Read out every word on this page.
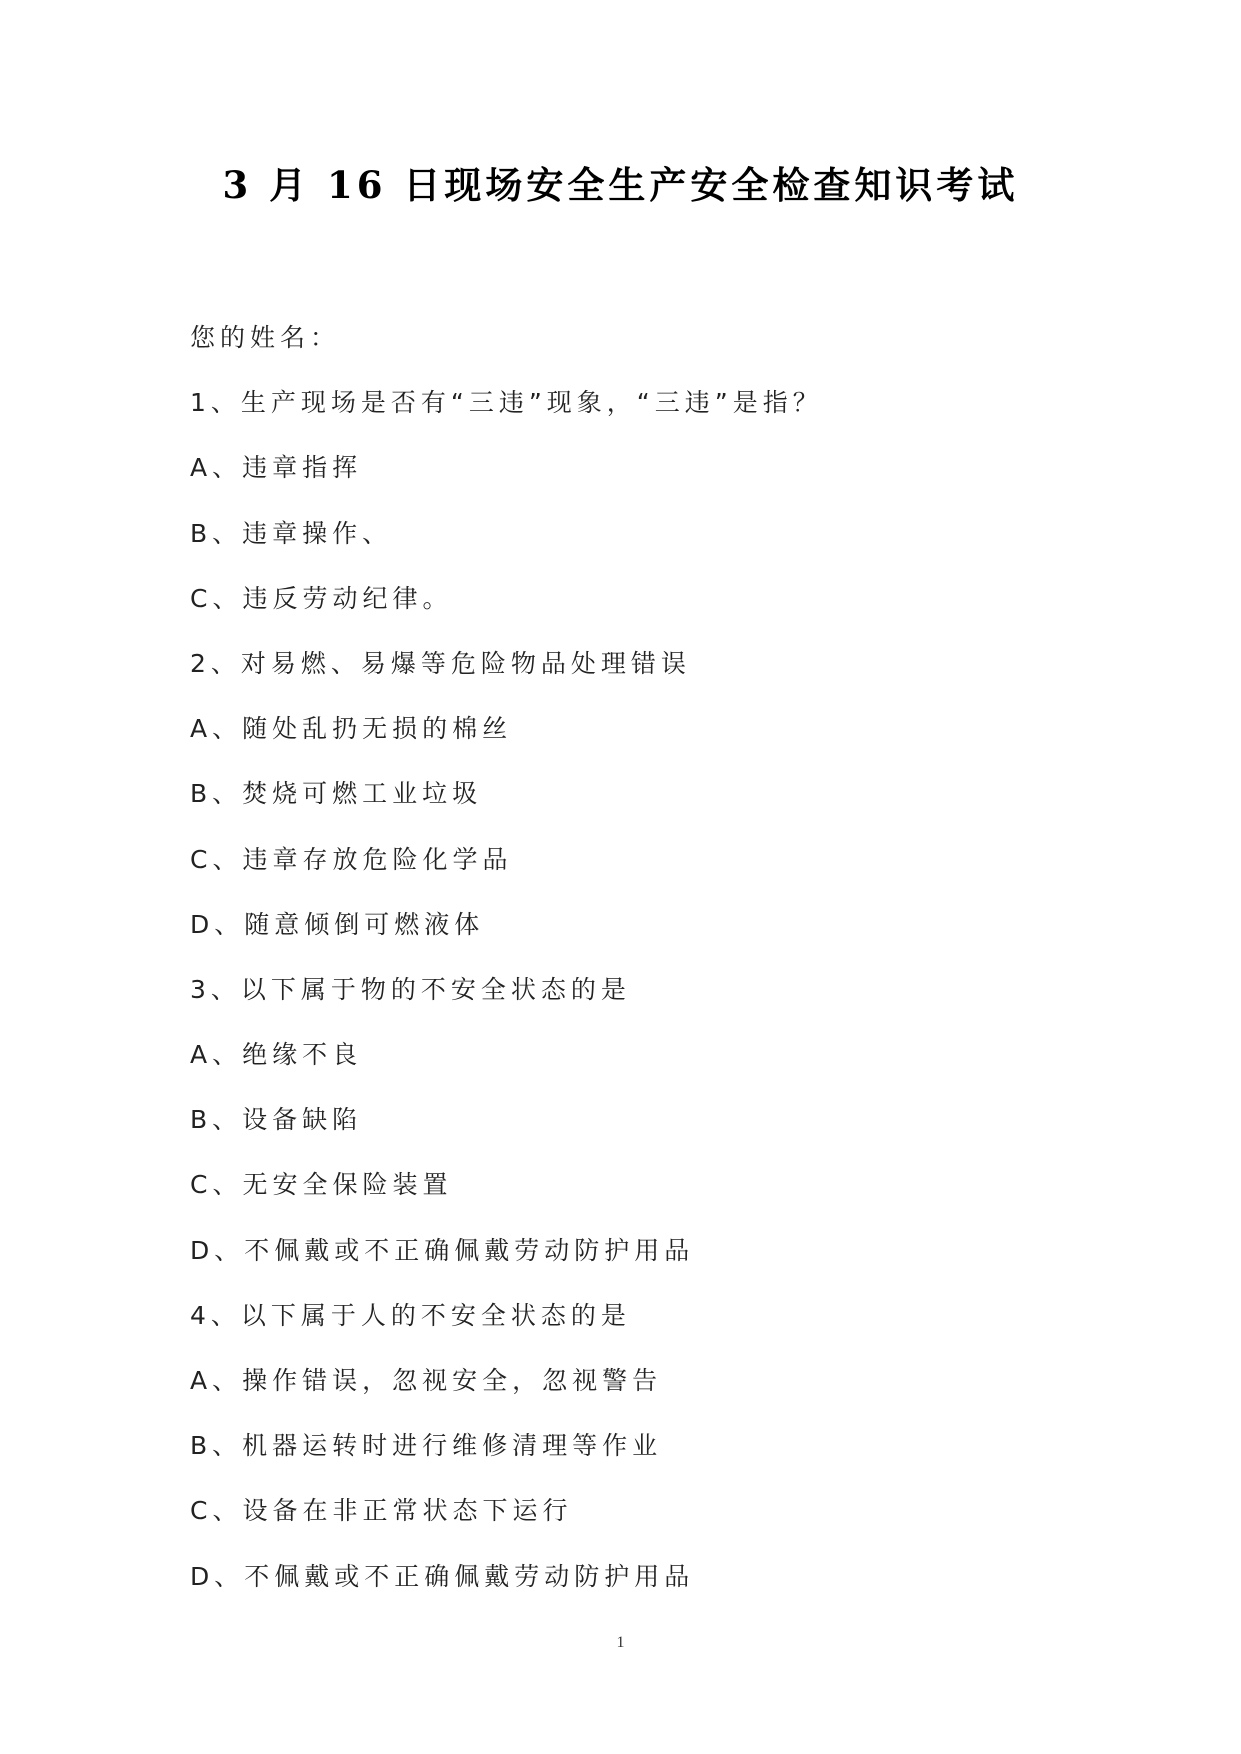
3 月 16 日现场安全生产安全检查知识考试
您的姓名：
1、生产现场是否有“三违”现象，“三违”是指？
A、违章指挥
B、违章操作、
C、违反劳动纪律。
2、对易燃、易爆等危险物品处理错误
A、随处乱扔无损的棉丝
B、焚烧可燃工业垃圾
C、违章存放危险化学品
D、随意倾倒可燃液体
3、以下属于物的不安全状态的是
A、绝缘不良
B、设备缺陷
C、无安全保险装置
D、不佩戴或不正确佩戴劳动防护用品
4、以下属于人的不安全状态的是
A、操作错误，忽视安全，忽视警告
B、机器运转时进行维修清理等作业
C、设备在非正常状态下运行
D、不佩戴或不正确佩戴劳动防护用品
1
